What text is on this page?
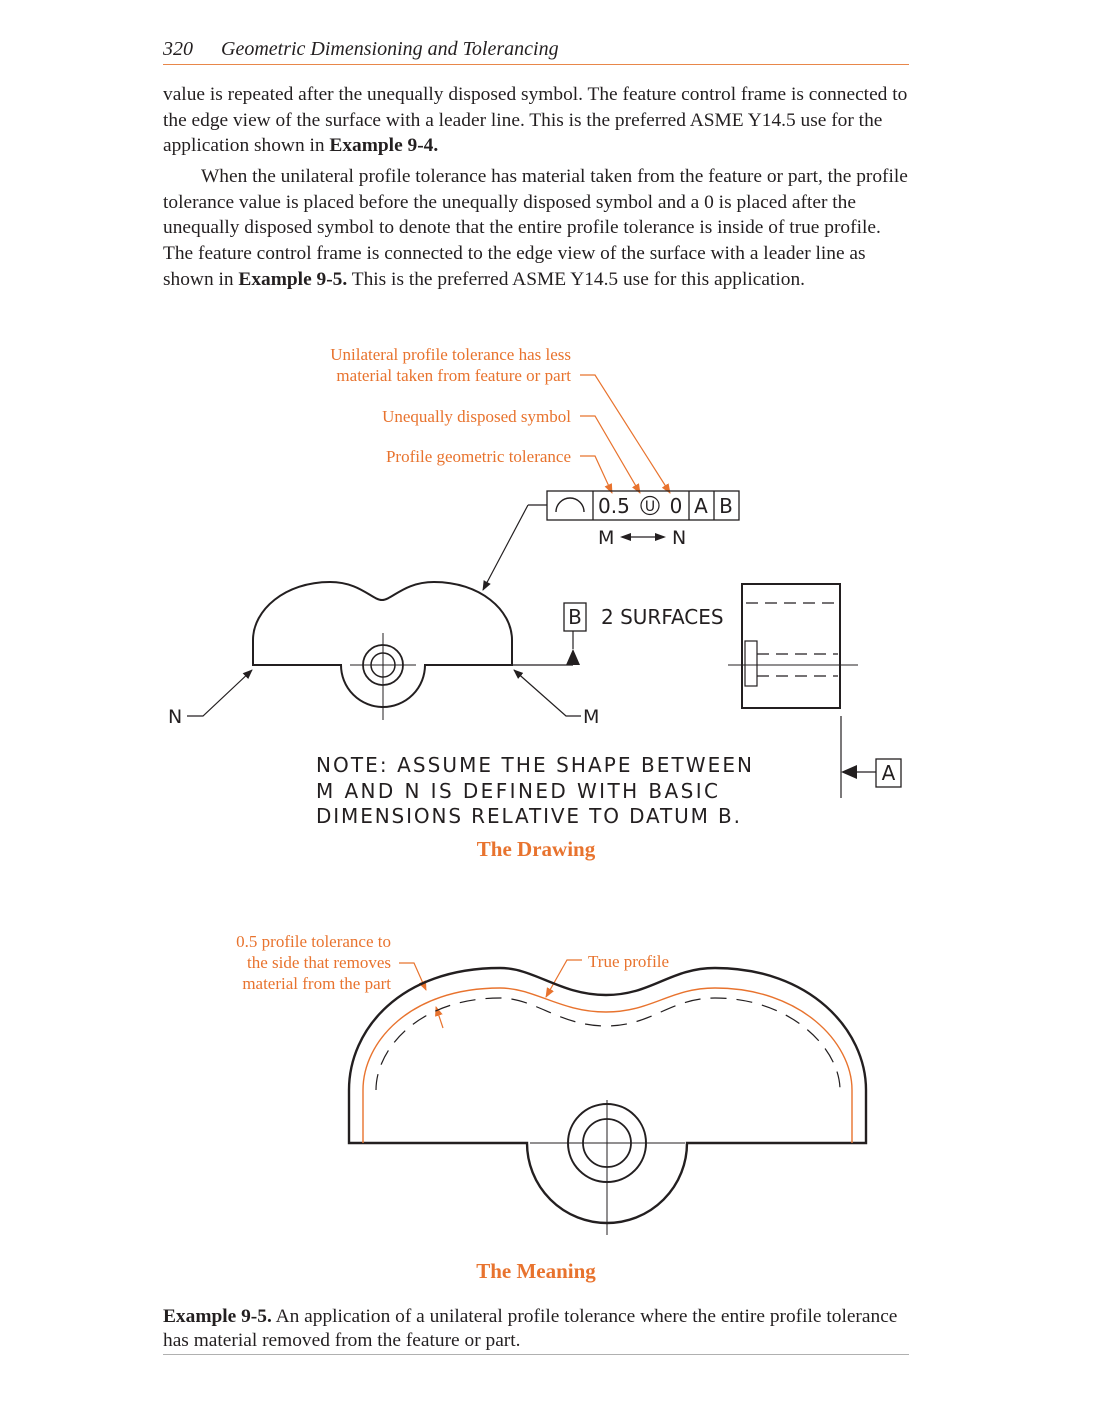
320 Geometric Dimensioning and Tolerancing

value is repeated after the unequally disposed symbol. The feature control frame is connected to the edge view of the surface with a leader line. This is the preferred ASME Y14.5 use for the application shown in Example 9-4.

When the unilateral profile tolerance has material taken from the feature or part, the profile tolerance value is placed before the unequally disposed symbol and a 0 is placed after the unequally disposed symbol to denote that the entire profile tolerance is inside of true profile. The feature control frame is connected to the edge view of the surface with a leader line as shown in Example 9-5. This is the preferred ASME Y14.5 use for this application.

Unilateral profile tolerance has less
material taken from feature or part
Unequally disposed symbol
Profile geometric tolerance
0.5 U 0 A B
M	N
B 2 SURFACES
N	M
A
NOTE: ASSUME THE SHAPE BETWEEN
M AND N IS DEFINED WITH BASIC
DIMENSIONS RELATIVE TO DATUM B.
The Drawing
0.5 profile tolerance to
the side that removes
material from the part
True profile
The Meaning

Example 9-5. An application of a unilateral profile tolerance where the entire profile tolerance has material removed from the feature or part.
